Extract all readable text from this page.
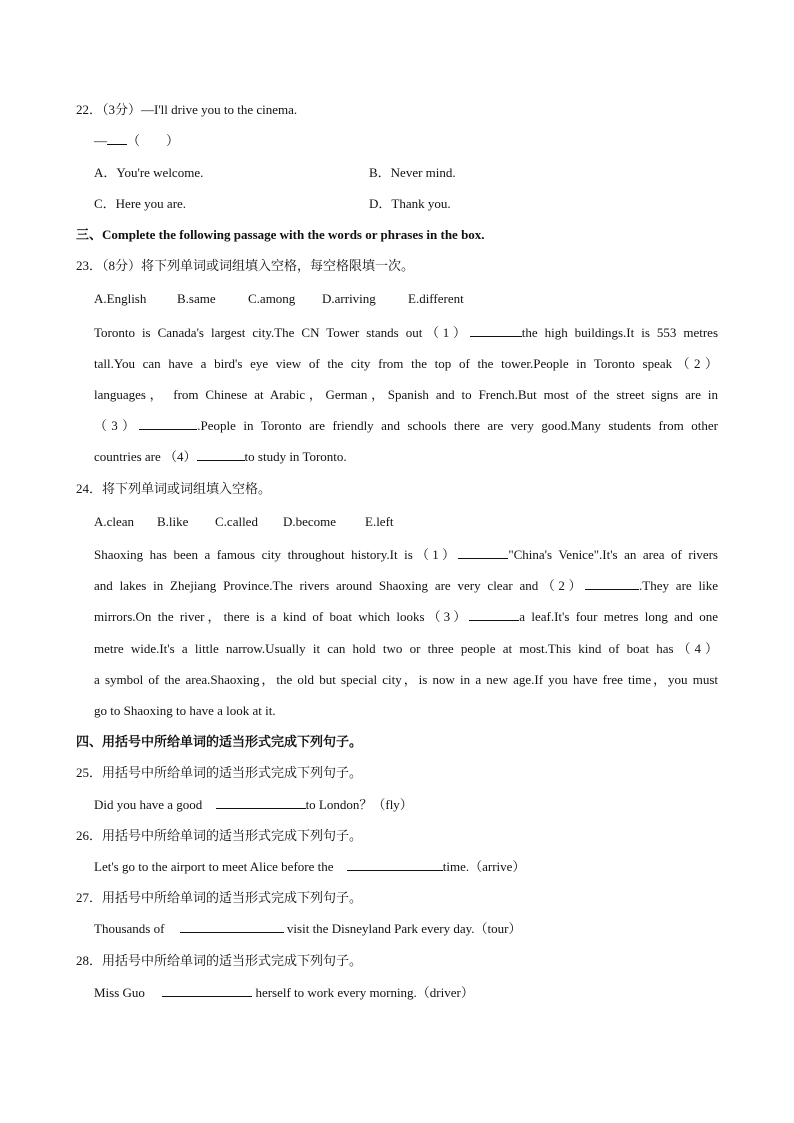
22．（3分）—I'll drive you to the cinema.
— （　　）
A．You're welcome.	B．Never mind.
C．Here you are.	D．Thank you.
三、Complete the following passage with the words or phrases in the box.
23．（8分）将下列单词或词组填入空格，每空格限填一次。
A.English B.same C.among D.arriving E.different
Toronto is Canada's largest city.The CN Tower stands out（1）	the high buildings.It is 553 metres
tall.You can have a bird's eye view of the city from the top of the tower.People in Toronto speak（2）
languages， from Chinese at Arabic，German，Spanish and to French.But most of the street signs are in
（3）	.People in Toronto are friendly and schools there are very good.Many students from other
countries are （4）	to study in Toronto.
24．将下列单词或词组填入空格。
A.clean B.like C.called D.become E.left
Shaoxing has been a famous city throughout history.It is（1）	"China's Venice".It's an area of rivers
and lakes in Zhejiang Province.The rivers around Shaoxing are very clear and（2）	.They are like
mirrors.On the river，there is a kind of boat which looks（3）	a leaf.It's four metres long and one
metre wide.It's a little narrow.Usually it can hold two or three people at most.This kind of boat has（4）
a symbol of the area.Shaoxing，the old but special city，is now in a new age.If you have free time，you must
go to Shaoxing to have a look at it.
四、用括号中所给单词的适当形式完成下列句子。
25．用括号中所给单词的适当形式完成下列句子。
Did you have a good	to London？（fly）
26．用括号中所给单词的适当形式完成下列句子。
Let's go to the airport to meet Alice before the	time.（arrive）
27．用括号中所给单词的适当形式完成下列句子。
Thousands of	visit the Disneyland Park every day.（tour）
28．用括号中所给单词的适当形式完成下列句子。
Miss Guo	herself to work every morning.（driver）
